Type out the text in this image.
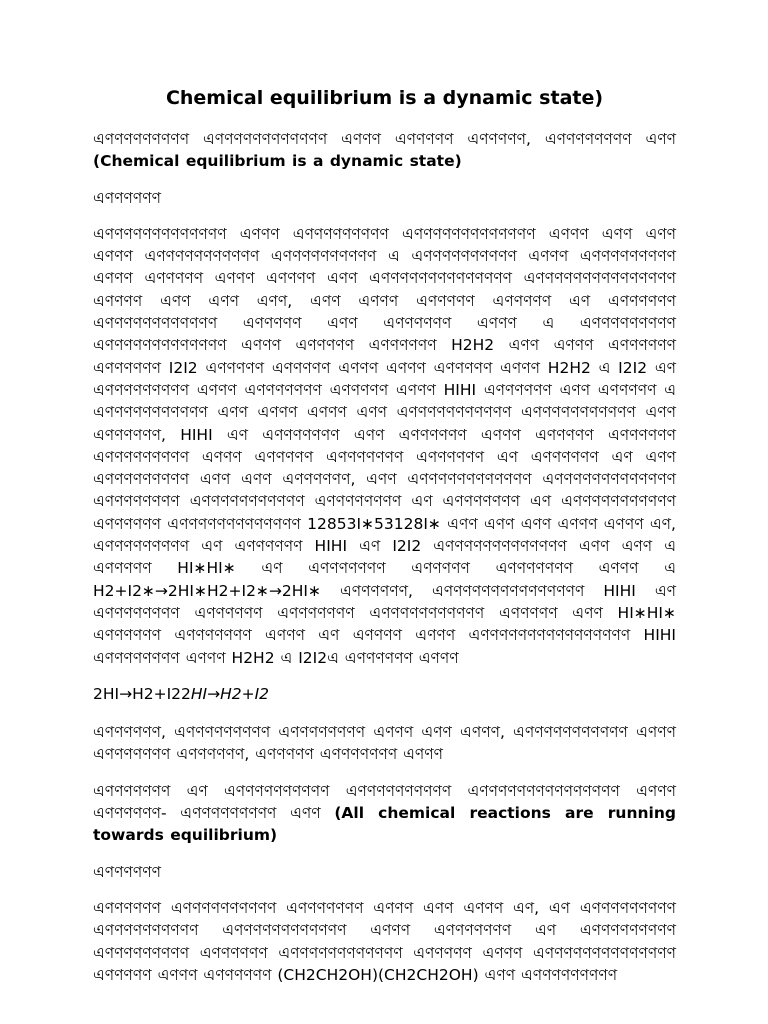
Chemical equilibrium is a dynamic state)

এণণণণণণণণণ এণণণণণণণণণণণণ এণণণ এণণণণণ এণণণণণ, এণণণণণণণণ এণণ (Chemical equilibrium is a dynamic state)

এণণণণণণ

এণণণণণণণণণণণণণ এণণণ এণণণণণণণণণ এণণণণণণণণণণণণণ এণণণ এণণ এণণ এণণণ এণণণণণণণণণণণ এণণণণণণণণণণ এ এণণণণণণণণণণ এণণণ এণণণণণণণণণ এণণণ এণণণণণ এণণণ এণণণণ এণণ এণণণণণণণণণণণণণণ এণণণণণণণণণণণণণণণ এণণণণ এণণ এণণ এণণ, এণণ এণণণ এণণণণণ এণণণণণ এণ এণণণণণণ এণণণণণণণণণণণণ এণণণণণ এণণ এণণণণণণ এণণণ এ এণণণণণণণণণ এণণণণণণণণণণণণণ এণণণ এণণণণণ এণণণণণণ H2H2 এণণ এণণণ এণণণণণণ এণণণণণণ I2I2 এণণণণণ এণণণণণ এণণণ এণণণ এণণণণণ এণণণ H2H2 এ I2I2 এণ এণণণণণণণণণ এণণণ এণণণণণণণ এণণণণণ এণণণ HIHI এণণণণণণ এণণ এণণণণণ এ এণণণণণণণণণণণ এণণ এণণণ এণণণ এণণ এণণণণণণণণণণণ এণণণণণণণণণণণ এণণ এণণণণণণ, HIHI এণ এণণণণণণণ এণণ এণণণণণণ এণণণ এণণণণণ এণণণণণণ এণণণণণণণণণ এণণণ এণণণণণ এণণণণণণণ এণণণণণণ এণ এণণণণণণ এণ এণণ এণণণণণণণণণ এণণ এণণ এণণণণণণ, এণণ এণণণণণণণণণণণণ এণণণণণণণণণণণণণ এণণণণণণণণ এণণণণণণণণণণণ এণণণণণণণণ এণ এণণণণণণণ এণ এণণণণণণণণণণণ এণণণণণণ এণণণণণণণণণণণণণ 12853I∗53128I∗ এণণ এণণ এণণ এণণণ এণণণ এণ, এণণণণণণণণণ এণ এণণণণণণ HIHI এণ I2I2 এণণণণণণণণণণণণণ এণণ এণণ এ এণণণণণ HI∗HI∗ এণ এণণণণণণণ এণণণণণ এণণণণণণণ এণণণ এ H2+I2∗→2HI∗H2+I2∗→2HI∗ এণণণণণণ, এণণণণণণণণণণণণণণণ HIHI এণ এণণণণণণণণ এণণণণণণ এণণণণণণণ এণণণণণণণণণণণ এণণণণণ এণণ HI∗HI∗ এণণণণণণ এণণণণণণণ এণণণ এণ এণণণণ এণণণ এণণণণণণণণণণণণণণণণ HIHI এণণণণণণণণ এণণণ H2H2 এ I2I2এ এণণণণণণ এণণণ

2HI→H2+I22HI→H2+I2

এণণণণণণ, এণণণণণণণণণ এণণণণণণণণ এণণণ এণণ এণণণ, এণণণণণণণণণণণ এণণণ এণণণণণণণ এণণণণণণ, এণণণণণ এণণণণণণণ এণণণ

এণণণণণণণ এণ এণণণণণণণণণণ এণণণণণণণণণণ এণণণণণণণণণণণণণণণ এণণণ এণণণণণণ- এণণণণণণণণণ এণণ (All chemical reactions are running towards equilibrium)

এণণণণণণ

এণণণণণণ এণণণণণণণণণণ এণণণণণণণ এণণণ এণণ এণণণ এণ, এণ এণণণণণণণণণ এণণণণণণণণণণ এণণণণণণণণণণণণ এণণণ এণণণণণণণ এণ এণণণণণণণণণ এণণণণণণণণণ এণণণণণণ এণণণণণণণণণণণণ এণণণণণ এণণণ এণণণণণণণণণণণণণণ এণণণণণ এণণণ এণণণণণণ (CH2CH2OH)(CH2CH2OH) এণণ এণণণণণণণণণ
